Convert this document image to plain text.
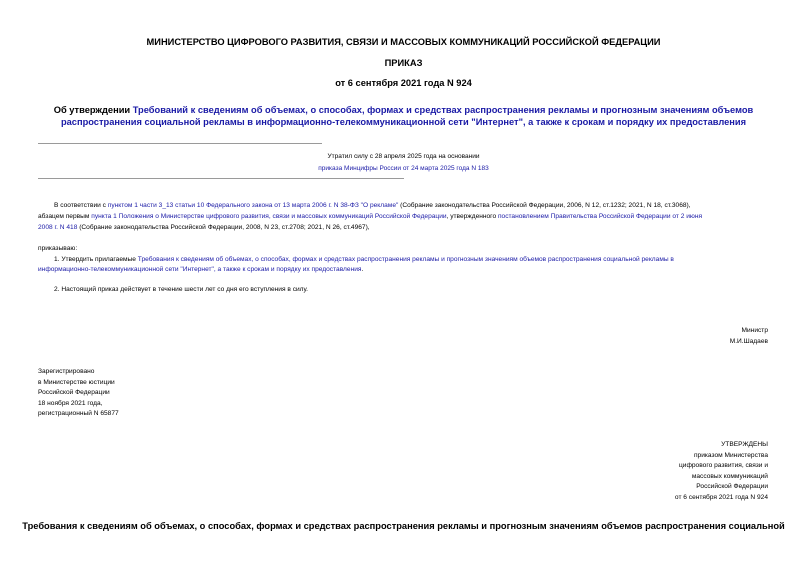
МИНИСТЕРСТВО ЦИФРОВОГО РАЗВИТИЯ, СВЯЗИ И МАССОВЫХ КОММУНИКАЦИЙ РОССИЙСКОЙ ФЕДЕРАЦИИ

ПРИКАЗ

от 6 сентября 2021 года N 924

Об утверждении Требований к сведениям об объемах, о способах, формах и средствах распространения рекламы и прогнозным значениям объемов

распространения социальной рекламы в информационно-телекоммуникационной сети "Интернет", а также к срокам и порядку их предоставления

Утратил силу с 28 апреля 2025 года на основании

приказа Минцифры России от 24 марта 2025 года N 183

В соответствии с пунктом 1 части 3_13 статьи 10 Федерального закона от 13 марта 2006 г. N 38-ФЗ "О рекламе" (Собрание законодательства Российской Федерации, 2006, N 12, ст.1232; 2021, N 18, ст.3068),

абзацем первым пункта 1 Положения о Министерстве цифрового развития, связи и массовых коммуникаций Российской Федерации, утвержденного постановлением Правительства Российской Федерации от 2 июня

2008 г. N 418 (Собрание законодательства Российской Федерации, 2008, N 23, ст.2708; 2021, N 26, ст.4967),

приказываю:

1. Утвердить прилагаемые Требования к сведениям об объемах, о способах, формах и средствах распространения рекламы и прогнозным значениям объемов распространения социальной рекламы в

информационно-телекоммуникационной сети "Интернет", а также к срокам и порядку их предоставления.

2. Настоящий приказ действует в течение шести лет со дня его вступления в силу.

Министр

М.И.Шадаев

Зарегистрировано
в Министерстве юстиции
Российской Федерации
18 ноября 2021 года,
регистрационный N 65877
УТВЕРЖДЕНЫ
приказом Министерства
цифрового развития, связи и
массовых коммуникаций
Российской Федерации
от 6 сентября 2021 года N 924

Требования к сведениям об объемах, о способах, формах и средствах распространения рекламы и прогнозным значениям объемов распространения социальной
